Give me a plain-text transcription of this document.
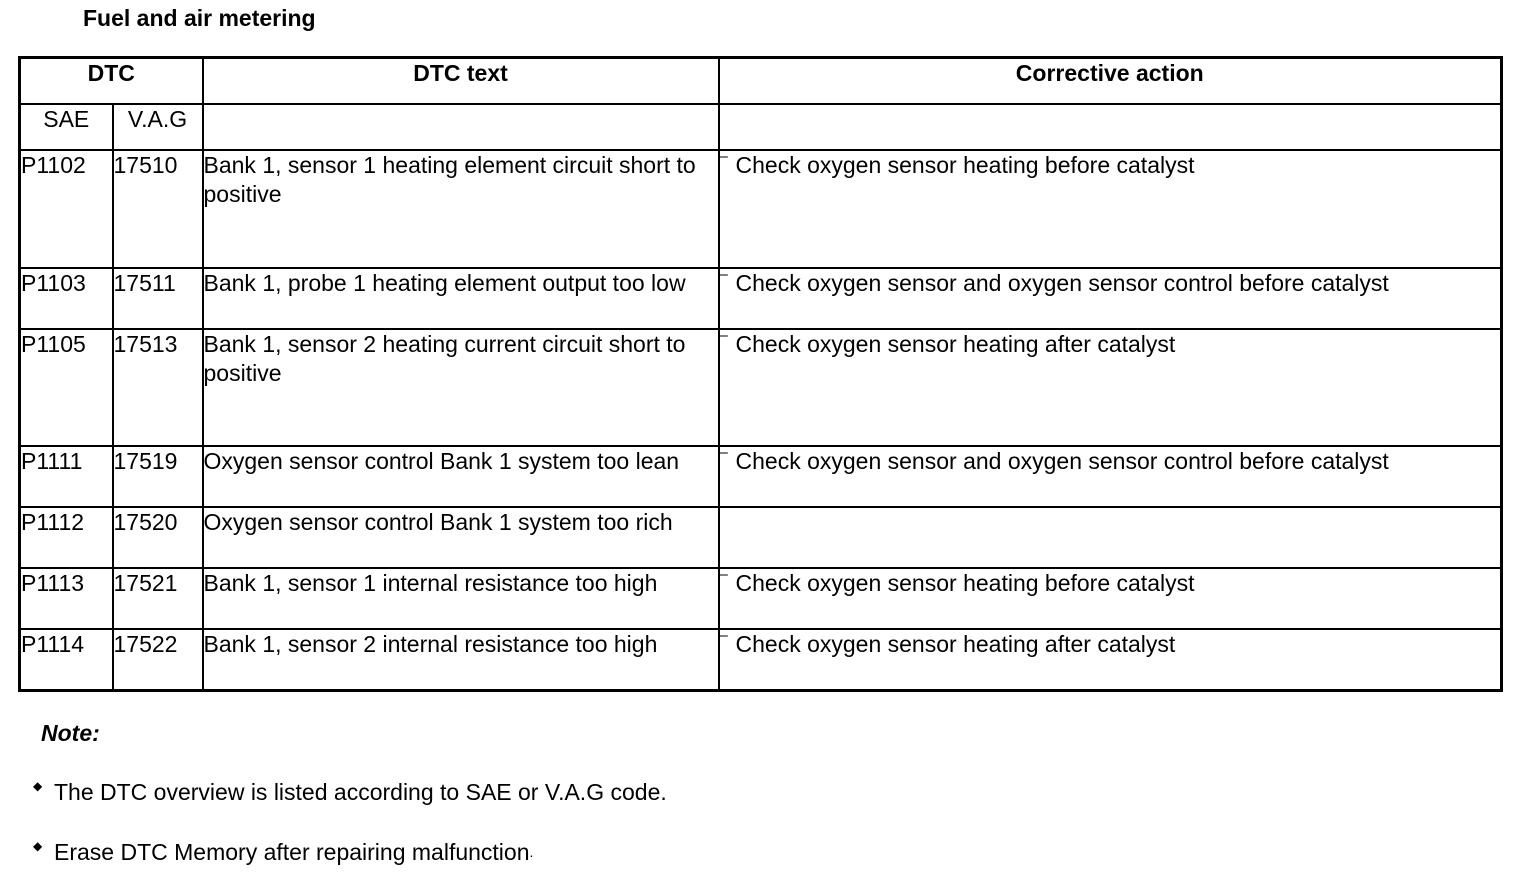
Fuel and air metering
DTC		DTC text	Corrective action
SAE	V.A.G		
P1102	17510	Bank 1, sensor 1 heating element circuit short to positive	– Check oxygen sensor heating before catalyst

P1103	17511	Bank 1, probe 1 heating element output too low	– Check oxygen sensor and oxygen sensor control before catalyst

P1105	17513	Bank 1, sensor 2 heating current circuit short to positive	– Check oxygen sensor heating after catalyst

P1111	17519	Oxygen sensor control Bank 1 system too lean	– Check oxygen sensor and oxygen sensor control before catalyst

P1112	17520	Oxygen sensor control Bank 1 system too rich	
P1113	17521	Bank 1, sensor 1 internal resistance too high	– Check oxygen sensor heating before catalyst

P1114	17522	Bank 1, sensor 2 internal resistance too high	– Check oxygen sensor heating after catalyst
Note:
◆ The DTC overview is listed according to SAE or V.A.G code.
◆ Erase DTC Memory after repairing malfunction .
